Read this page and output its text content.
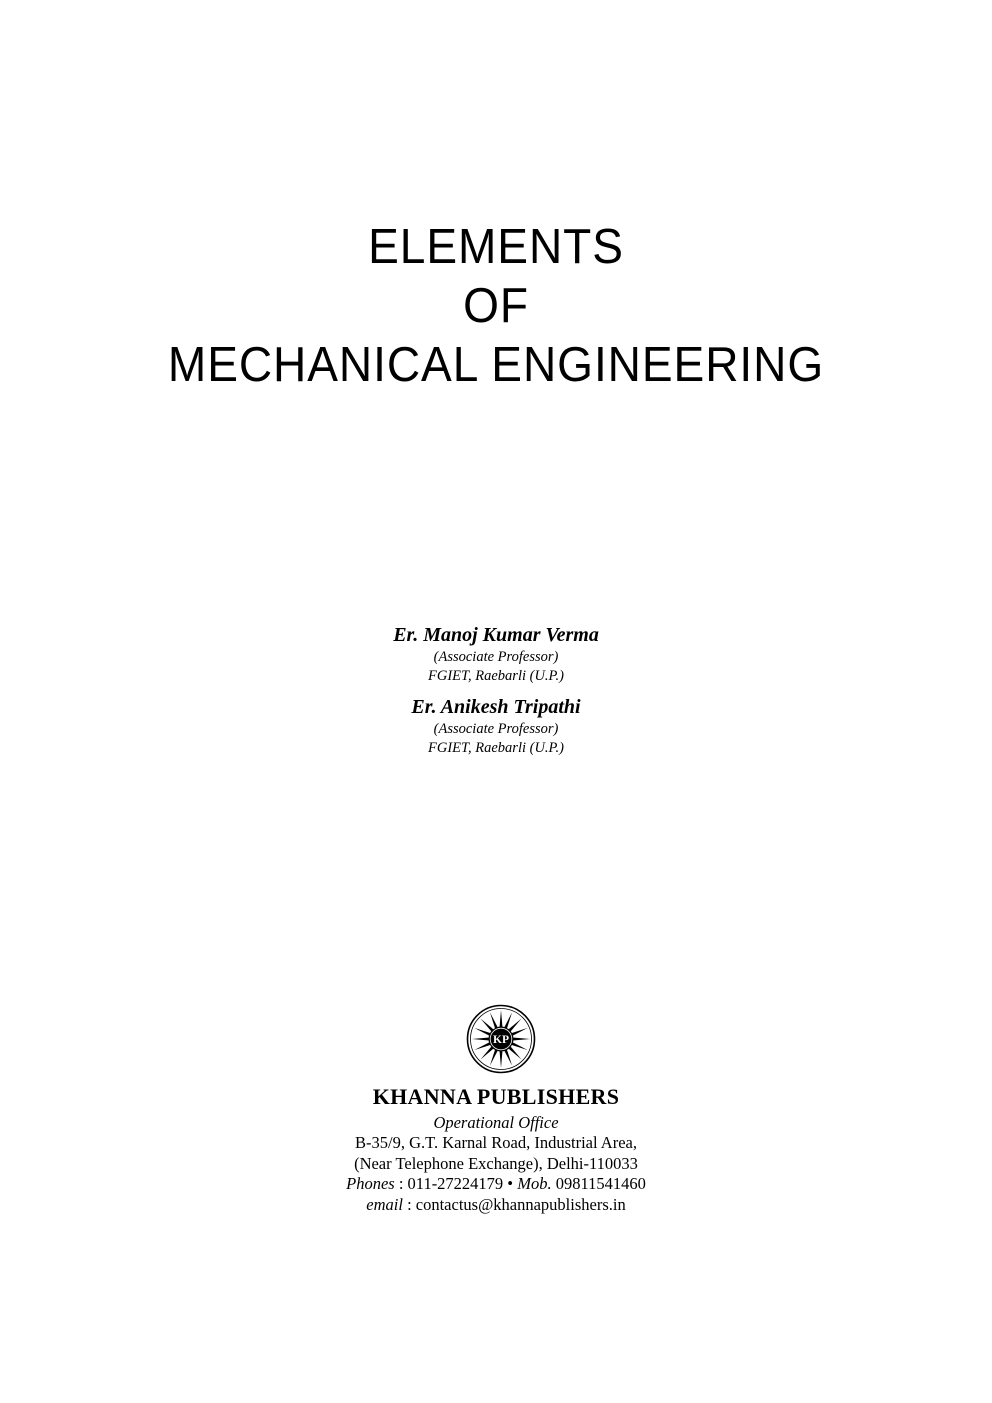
ELEMENTS
OF
MECHANICAL ENGINEERING
Er. Manoj Kumar Verma
(Associate Professor)
FGIET, Raebarli (U.P.)
Er. Anikesh Tripathi
(Associate Professor)
FGIET, Raebarli (U.P.)
KP
KHANNA PUBLISHERS
Operational Office
B-35/9, G.T. Karnal Road, Industrial Area,
(Near Telephone Exchange), Delhi-110033
Phones : 011-27224179 • Mob. 09811541460
email : contactus@khannapublishers.in
